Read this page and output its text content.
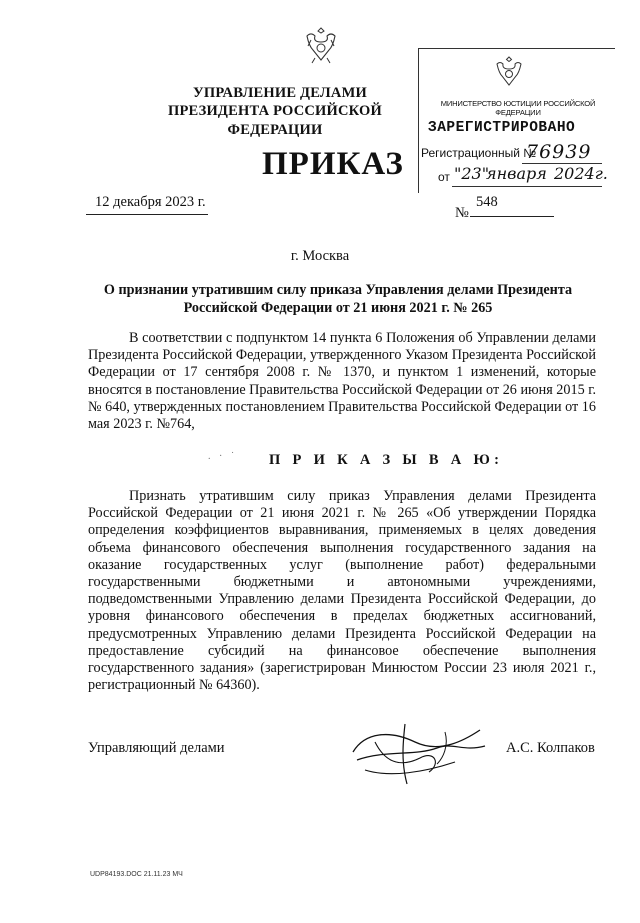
УПРАВЛЕНИЕ ДЕЛАМИ
ПРЕЗИДЕНТА РОССИЙСКОЙ ФЕДЕРАЦИИ
МИНИСТЕРСТВО ЮСТИЦИИ РОССИЙСКОЙ ФЕДЕРАЦИИ
ЗАРЕГИСТРИРОВАНО
Регистрационный №
76939
от "23"
января 2024г.
ПРИКАЗ
12 декабря 2023 г.
№
548
г. Москва
О признании утратившим силу приказа Управления делами Президента Российской Федерации от 21 июня 2021 г. № 265

В соответствии с подпунктом 14 пункта 6 Положения об Управлении делами Президента Российской Федерации, утвержденного Указом Президента Российской Федерации от 17 сентября 2008 г. № 1370, и пунктом 1 изменений, которые вносятся в постановление Правительства Российской Федерации от 26 июня 2015 г. № 640, утвержденных постановлением Правительства Российской Федерации от 16 мая 2023 г. №764,

. · ˙ П Р И К А З Ы В А Ю:

Признать утратившим силу приказ Управления делами Президента Российской Федерации от 21 июня 2021 г. № 265 «Об утверждении Порядка определения коэффициентов выравнивания, применяемых в целях доведения объема финансового обеспечения выполнения государственного задания на оказание государственных услуг (выполнение работ) федеральными государственными бюджетными и автономными учреждениями, подведомственными Управлению делами Президента Российской Федерации, до уровня финансового обеспечения в пределах бюджетных ассигнований, предусмотренных Управлению делами Президента Российской Федерации на предоставление субсидий на финансовое обеспечение выполнения государственного задания» (зарегистрирован Минюстом России 23 июля 2021 г., регистрационный № 64360).

Управляющий делами	А.С. Колпаков
UDP84193.DOC 21.11.23 МЧ
